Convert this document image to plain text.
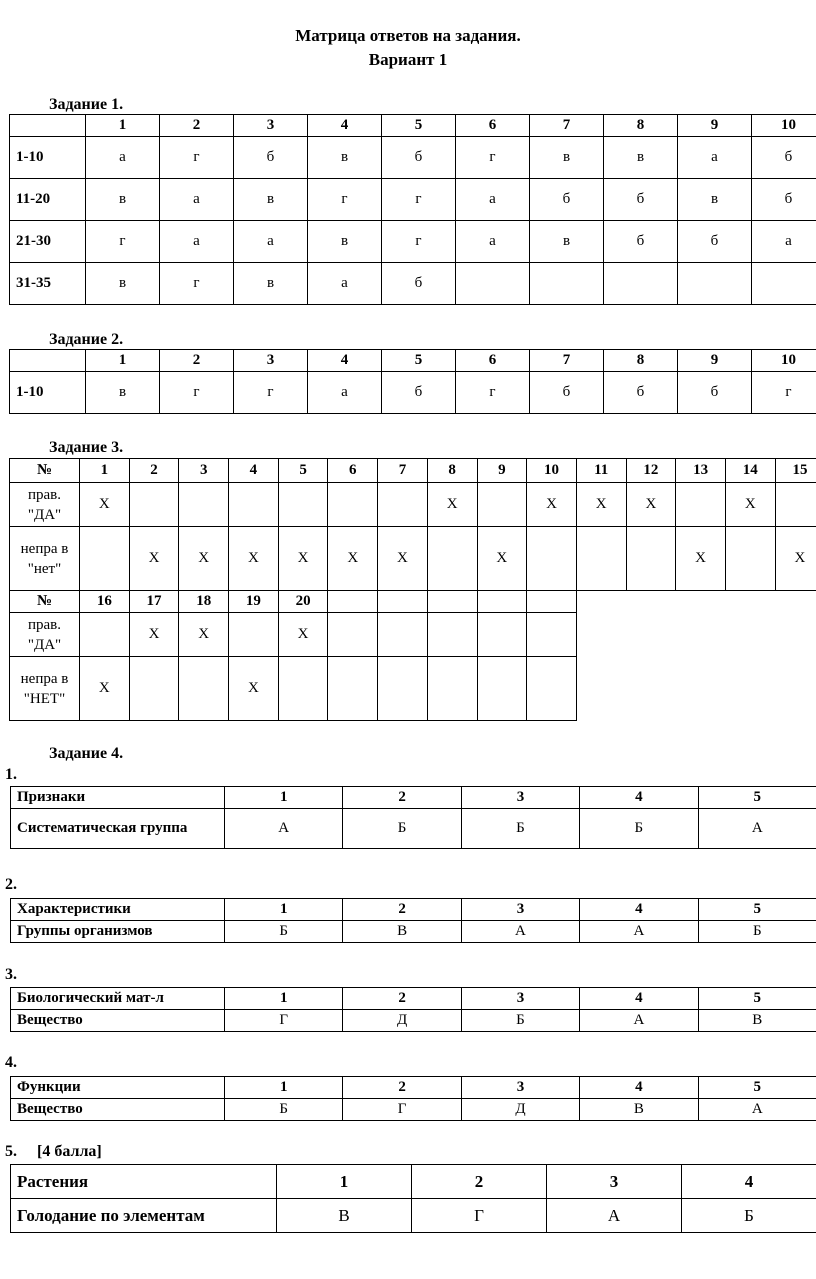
Матрица ответов на задания.
Вариант 1
Задание 1.
	1	2	3	4	5	6	7	8	9	10
1-10	а	г	б	в	б	г	в	в	а	б
11-20	в	а	в	г	г	а	б	б	в	б
21-30	г	а	а	в	г	а	в	б	б	а
31-35	в	г	в	а	б					
Задание 2.
	1	2	3	4	5	6	7	8	9	10
1-10	в	г	г	а	б	г	б	б	б	г
Задание 3.
№	1	2	3	4	5	6	7	8	9	10	11	12	13	14	15
прав. "ДА"	Х							Х		Х	Х	Х		Х	
непра в "нет"		Х	Х	Х	Х	Х	Х		Х				Х		Х
№	16	17	18	19	20										
прав. "ДА"		Х	Х		Х										
непра в "НЕТ"	Х			Х											
Задание 4.
1.
Признаки	1	2	3	4	5
Систематическая группа	А	Б	Б	Б	А
2.
Характеристики	1	2	3	4	5
Группы организмов	Б	В	А	А	Б
3.
Биологический мат-л	1	2	3	4	5
Вещество	Г	Д	Б	А	В
4.
Функции	1	2	3	4	5
Вещество	Б	Г	Д	В	А
5. [4 балла]
Растения	1	2	3	4
Голодание по элементам	В	Г	А	Б
